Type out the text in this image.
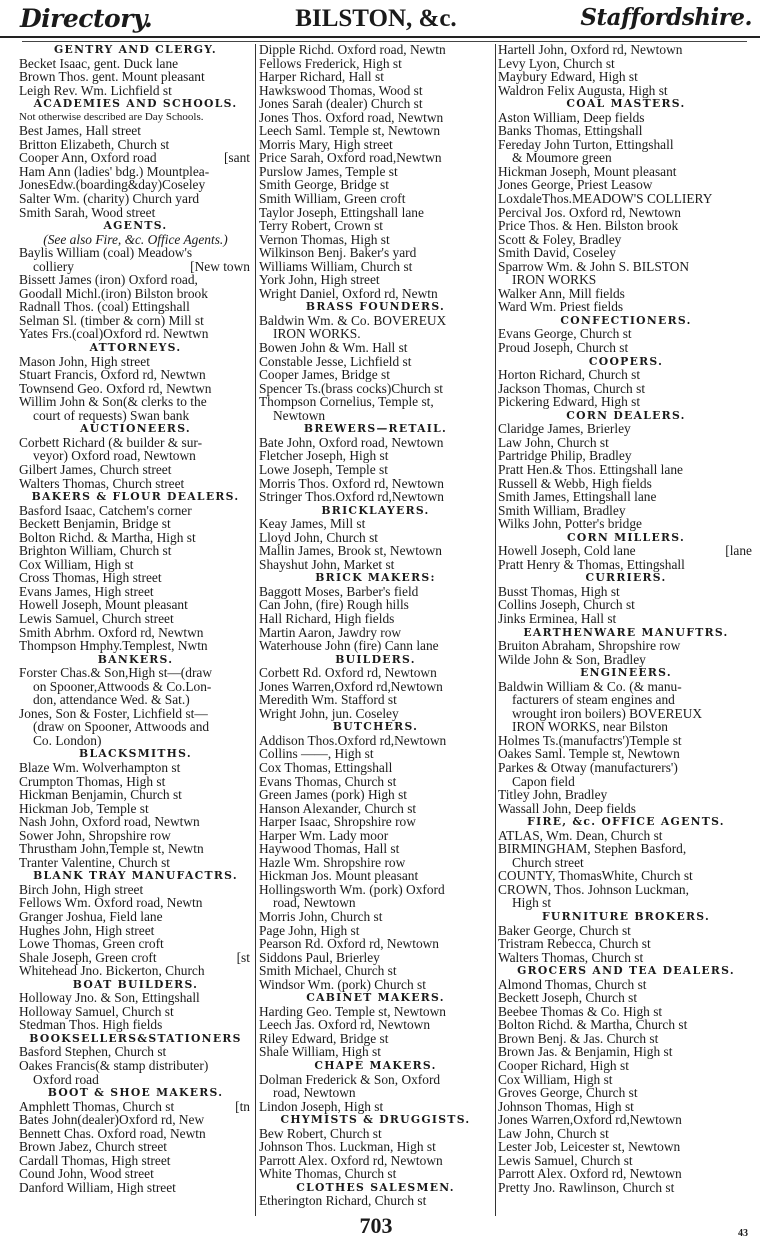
Directory.	BILSTON, &c.	Staffordshire.
GENTRY AND CLERGY.
Becket Isaac, gent. Duck lane
Brown Thos. gent. Mount pleasant
Leigh Rev. Wm. Lichfield st
ACADEMIES AND SCHOOLS.
Not otherwise described are Day Schools.
Best James, Hall street
Britton Elizabeth, Church st
Cooper Ann, Oxford road	[sant
Ham Ann (ladies' bdg.) Mountplea-
JonesEdw.(boarding&day)Coseley
Salter Wm. (charity) Church yard
Smith Sarah, Wood street
AGENTS.
(See also Fire, &c. Office Agents.)
Baylis William (coal) Meadow's
colliery	[New town
Bissett James (iron) Oxford road,
Goodall Michl.(iron) Bilston brook
Radnall Thos. (coal) Ettingshall
Selman Sl. (timber & corn) Mill st
Yates Frs.(coal)Oxford rd. Newtwn
ATTORNEYS.
Mason John, High street
Stuart Francis, Oxford rd, Newtwn
Townsend Geo. Oxford rd, Newtwn
Willim John & Son(& clerks to the
court of requests) Swan bank
AUCTIONEERS.
Corbett Richard (& builder & sur-
veyor) Oxford road, Newtown
Gilbert James, Church street
Walters Thomas, Church street
BAKERS & FLOUR DEALERS.
Basford Isaac, Catchem's corner
Beckett Benjamin, Bridge st
Bolton Richd. & Martha, High st
Brighton William, Church st
Cox William, High st
Cross Thomas, High street
Evans James, High street
Howell Joseph, Mount pleasant
Lewis Samuel, Church street
Smith Abrhm. Oxford rd, Newtwn
Thompson Hmphy.Templest, Nwtn
BANKERS.
Forster Chas.& Son,High st—(draw
on Spooner,Attwoods & Co.Lon-
don, attendance Wed. & Sat.)
Jones, Son & Foster, Lichfield st—
(draw on Spooner, Attwoods and
Co. London)
BLACKSMITHS.
Blaze Wm. Wolverhampton st
Crumpton Thomas, High st
Hickman Benjamin, Church st
Hickman Job, Temple st
Nash John, Oxford road, Newtwn
Sower John, Shropshire row
Thrustham John,Temple st, Newtn
Tranter Valentine, Church st
BLANK TRAY MANUFACTRS.
Birch John, High street
Fellows Wm. Oxford road, Newtn
Granger Joshua, Field lane
Hughes John, High street
Lowe Thomas, Green croft
Shale Joseph, Green croft	[st
Whitehead Jno. Bickerton, Church
BOAT BUILDERS.
Holloway Jno. & Son, Ettingshall
Holloway Samuel, Church st
Stedman Thos. High fields
BOOKSELLERS&STATIONERS
Basford Stephen, Church st
Oakes Francis(& stamp distributer)
Oxford road
BOOT & SHOE MAKERS.
Amphlett Thomas, Church st	[tn
Bates John(dealer)Oxford rd, New
Bennett Chas. Oxford road, Newtn
Brown Jabez, Church street
Cardall Thomas, High street
Cound John, Wood street
Danford William, High street
Dipple Richd. Oxford road, Newtn
Fellows Frederick, High st
Harper Richard, Hall st
Hawkswood Thomas, Wood st
Jones Sarah (dealer) Church st
Jones Thos. Oxford road, Newtwn
Leech Saml. Temple st, Newtown
Morris Mary, High street
Price Sarah, Oxford road,Newtwn
Purslow James, Temple st
Smith George, Bridge st
Smith William, Green croft
Taylor Joseph, Ettingshall lane
Terry Robert, Crown st
Vernon Thomas, High st
Wilkinson Benj. Baker's yard
Williams William, Church st
York John, High street
Wright Daniel, Oxford rd, Newtn
BRASS FOUNDERS.
Baldwin Wm. & Co. BOVEREUX
IRON WORKS.
Bowen John & Wm. Hall st
Constable Jesse, Lichfield st
Cooper James, Bridge st
Spencer Ts.(brass cocks)Church st
Thompson Cornelius, Temple st,
Newtown
BREWERS—RETAIL.
Bate John, Oxford road, Newtown
Fletcher Joseph, High st
Lowe Joseph, Temple st
Morris Thos. Oxford rd, Newtown
Stringer Thos.Oxford rd,Newtown
BRICKLAYERS.
Keay James, Mill st
Lloyd John, Church st
Mallin James, Brook st, Newtown
Shayshut John, Market st
BRICK MAKERS:
Baggott Moses, Barber's field
Can John, (fire) Rough hills
Hall Richard, High fields
Martin Aaron, Jawdry row
Waterhouse John (fire) Cann lane
BUILDERS.
Corbett Rd. Oxford rd, Newtown
Jones Warren,Oxford rd,Newtown
Meredith Wm. Stafford st
Wright John, jun. Coseley
BUTCHERS.
Addison Thos.Oxford rd,Newtown
Collins ——, High st
Cox Thomas, Ettingshall
Evans Thomas, Church st
Green James (pork) High st
Hanson Alexander, Church st
Harper Isaac, Shropshire row
Harper Wm. Lady moor
Haywood Thomas, Hall st
Hazle Wm. Shropshire row
Hickman Jos. Mount pleasant
Hollingsworth Wm. (pork) Oxford
road, Newtown
Morris John, Church st
Page John, High st
Pearson Rd. Oxford rd, Newtown
Siddons Paul, Brierley
Smith Michael, Church st
Windsor Wm. (pork) Church st
CABINET MAKERS.
Harding Geo. Temple st, Newtown
Leech Jas. Oxford rd, Newtown
Riley Edward, Bridge st
Shale William, High st
CHAPE MAKERS.
Dolman Frederick & Son, Oxford
road, Newtown
Lindon Joseph, High st
CHYMISTS & DRUGGISTS.
Bew Robert, Church st
Johnson Thos. Luckman, High st
Parrott Alex. Oxford rd, Newtown
White Thomas, Church st
CLOTHES SALESMEN.
Etherington Richard, Church st
Hartell John, Oxford rd, Newtown
Levy Lyon, Church st
Maybury Edward, High st
Waldron Felix Augusta, High st
COAL MASTERS.
Aston William, Deep fields
Banks Thomas, Ettingshall
Fereday John Turton, Ettingshall
& Moumore green
Hickman Joseph, Mount pleasant
Jones George, Priest Leasow
LoxdaleThos.MEADOW'S COLLIERY
Percival Jos. Oxford rd, Newtown
Price Thos. & Hen. Bilston brook
Scott & Foley, Bradley
Smith David, Coseley
Sparrow Wm. & John S. BILSTON
IRON WORKS
Walker Ann, Mill fields
Ward Wm. Priest fields
CONFECTIONERS.
Evans George, Church st
Proud Joseph, Church st
COOPERS.
Horton Richard, Church st
Jackson Thomas, Church st
Pickering Edward, High st
CORN DEALERS.
Claridge James, Brierley
Law John, Church st
Partridge Philip, Bradley
Pratt Hen.& Thos. Ettingshall lane
Russell & Webb, High fields
Smith James, Ettingshall lane
Smith William, Bradley
Wilks John, Potter's bridge
CORN MILLERS.
Howell Joseph, Cold lane	[lane
Pratt Henry & Thomas, Ettingshall
CURRIERS.
Busst Thomas, High st
Collins Joseph, Church st
Jinks Erminea, Hall st
EARTHENWARE MANUFTRS.
Bruiton Abraham, Shropshire row
Wilde John & Son, Bradley
ENGINEERS.
Baldwin William & Co. (& manu-
facturers of steam engines and
wrought iron boilers) BOVEREUX
IRON WORKS, near Bilston
Holmes Ts.(manufactrs')Temple st
Oakes Saml. Temple st, Newtown
Parkes & Otway (manufacturers')
Capon field
Titley John, Bradley
Wassall John, Deep fields
FIRE, &c. OFFICE AGENTS.
ATLAS, Wm. Dean, Church st
BIRMINGHAM, Stephen Basford,
Church street
COUNTY, ThomasWhite, Church st
CROWN, Thos. Johnson Luckman,
High st
FURNITURE BROKERS.
Baker George, Church st
Tristram Rebecca, Church st
Walters Thomas, Church st
GROCERS AND TEA DEALERS.
Almond Thomas, Church st
Beckett Joseph, Church st
Beebee Thomas & Co. High st
Bolton Richd. & Martha, Church st
Brown Benj. & Jas. Church st
Brown Jas. & Benjamin, High st
Cooper Richard, High st
Cox William, High st
Groves George, Church st
Johnson Thomas, High st
Jones Warren,Oxford rd,Newtown
Law John, Church st
Lester Job, Leicester st, Newtown
Lewis Samuel, Church st
Parrott Alex. Oxford rd, Newtown
Pretty Jno. Rawlinson, Church st
703	43
